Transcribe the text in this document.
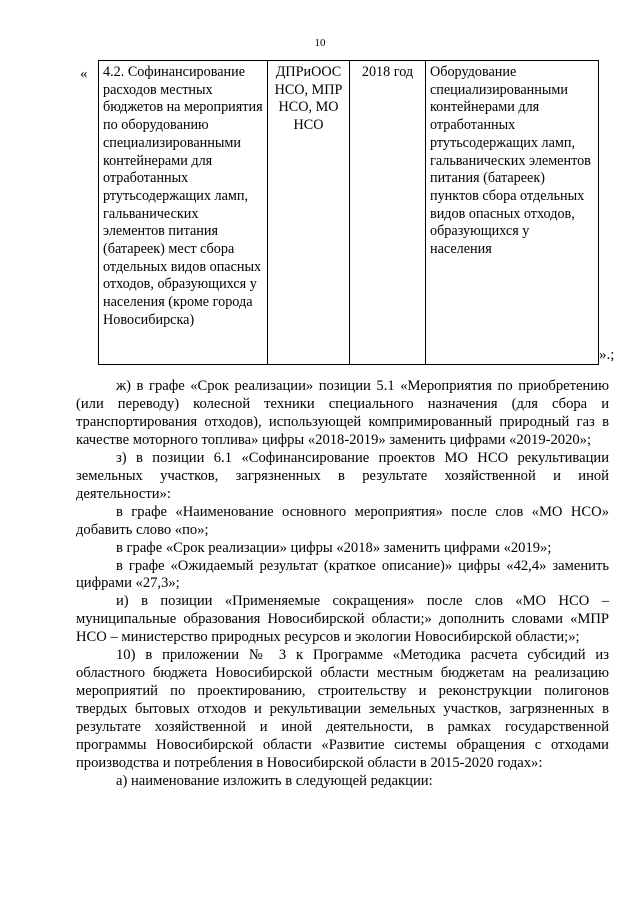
10
« 4.2. Софинансирование расходов местных бюджетов на мероприятия по оборудованию специализированными контейнерами для отработанных ртутьсодержащих ламп, гальванических элементов питания (батареек) мест сбора отдельных видов опасных отходов, образующихся у населения (кроме города Новосибирска)	ДПРиООС НСО, МПР НСО, МО НСО	2018 год	Оборудование специализированными контейнерами для отработанных ртутьсодержащих ламп, гальванических элементов питания (батареек) пунктов сбора отдельных видов опасных отходов, образующихся у населения
».;

ж) в графе «Срок реализации» позиции 5.1 «Мероприятия по приобретению (или переводу) колесной техники специального назначения (для сбора и транспортирования отходов), использующей компримированный природный газ в качестве моторного топлива» цифры «2018-2019» заменить цифрами «2019-2020»;

з) в позиции 6.1 «Софинансирование проектов МО НСО рекультивации земельных участков, загрязненных в результате хозяйственной и иной деятельности»:

в графе «Наименование основного мероприятия» после слов «МО НСО» добавить слово «по»;

в графе «Срок реализации» цифры «2018» заменить цифрами «2019»;

в графе «Ожидаемый результат (краткое описание)» цифры «42,4» заменить цифрами «27,3»;

и) в позиции «Применяемые сокращения» после слов «МО НСО – муниципальные образования Новосибирской области;» дополнить словами «МПР НСО – министерство природных ресурсов и экологии Новосибирской области;»;

10) в приложении № 3 к Программе «Методика расчета субсидий из областного бюджета Новосибирской области местным бюджетам на реализацию мероприятий по проектированию, строительству и реконструкции полигонов твердых бытовых отходов и рекультивации земельных участков, загрязненных в результате хозяйственной и иной деятельности, в рамках государственной программы Новосибирской области «Развитие системы обращения с отходами производства и потребления в Новосибирской области в 2015-2020 годах»:

а) наименование изложить в следующей редакции:
